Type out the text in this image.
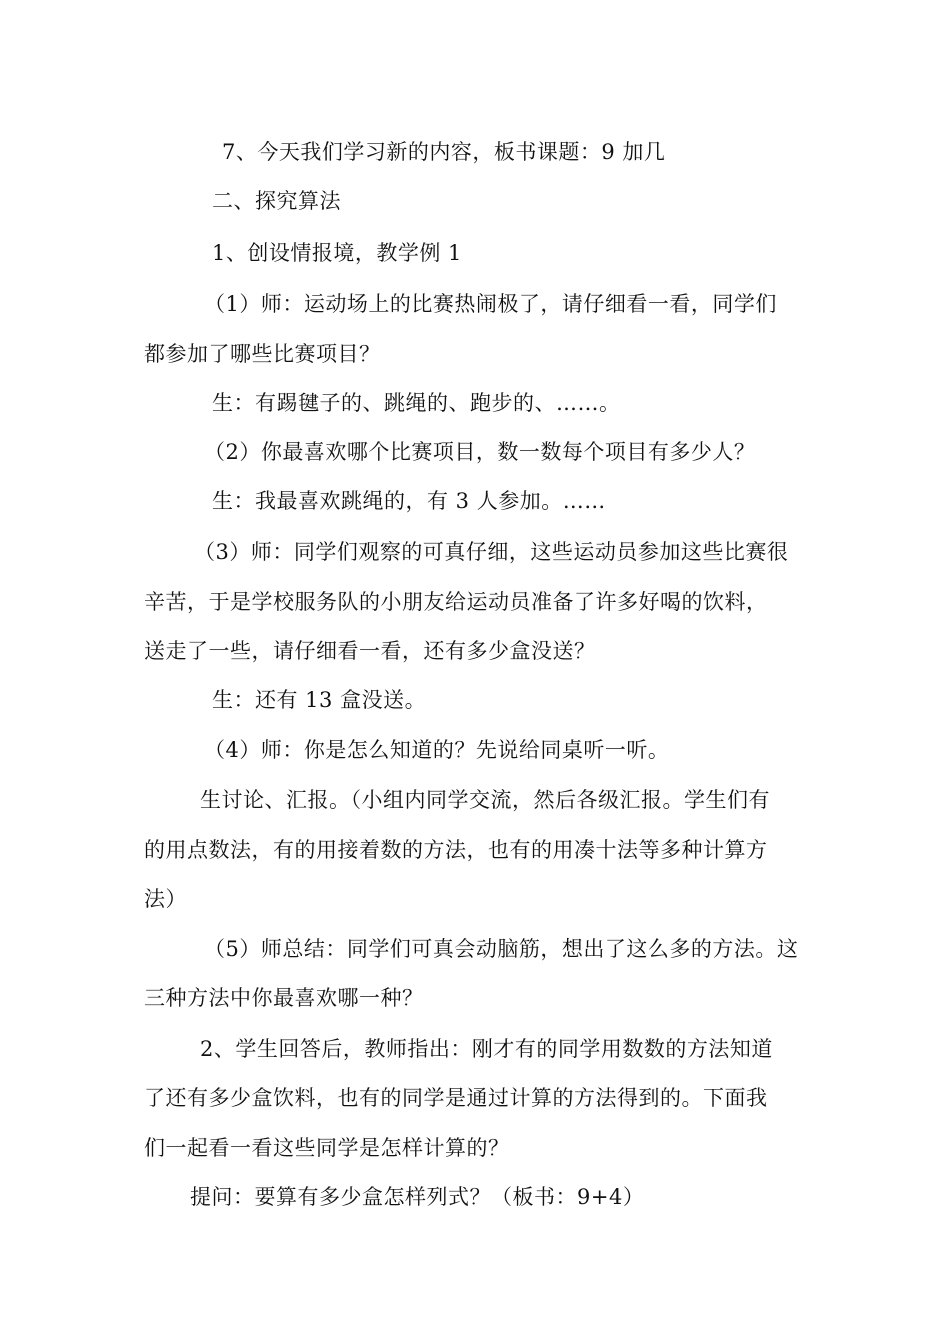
7、今天我们学习新的内容，板书课题：9 加几
二、探究算法
1、创设情报境，教学例 1
（1）师：运动场上的比赛热闹极了，请仔细看一看，同学们
都参加了哪些比赛项目？
生：有踢毽子的、跳绳的、跑步的、……。
（2）你最喜欢哪个比赛项目，数一数每个项目有多少人？
生：我最喜欢跳绳的，有 3 人参加。……
（3）师：同学们观察的可真仔细，这些运动员参加这些比赛很
辛苦，于是学校服务队的小朋友给运动员准备了许多好喝的饮料，
送走了一些，请仔细看一看，还有多少盒没送？
生：还有 13 盒没送。
（4）师：你是怎么知道的？先说给同桌听一听。
生讨论、汇报。（小组内同学交流，然后各级汇报。学生们有
的用点数法，有的用接着数的方法，也有的用凑十法等多种计算方
法）
（5）师总结：同学们可真会动脑筋，想出了这么多的方法。这
三种方法中你最喜欢哪一种？
2、学生回答后，教师指出：刚才有的同学用数数的方法知道
了还有多少盒饮料，也有的同学是通过计算的方法得到的。下面我
们一起看一看这些同学是怎样计算的？
提问：要算有多少盒怎样列式？（板书：9+4）
